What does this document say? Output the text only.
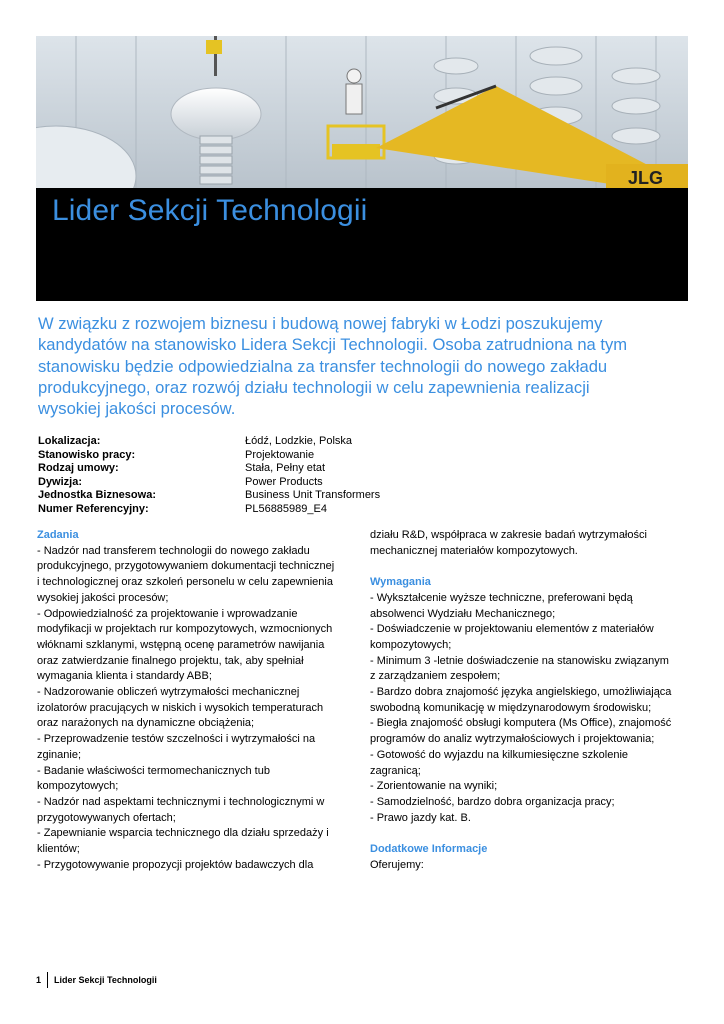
JLG
Lider Sekcji Technologii
W związku z rozwojem biznesu i budową nowej fabryki w Łodzi poszukujemy
kandydatów na stanowisko Lidera Sekcji Technologii. Osoba zatrudniona na tym
stanowisku będzie odpowiedzialna za transfer technologii do nowego zakładu
produkcyjnego, oraz rozwój działu technologii w celu zapewnienia realizacji
wysokiej jakości procesów.
Lokalizacja:	Łódź, Lodzkie, Polska
Stanowisko pracy:	Projektowanie
Rodzaj umowy:	Stała, Pełny etat
Dywizja:	Power Products
Jednostka Biznesowa:	Business Unit Transformers
Numer Referencyjny:	PL56885989_E4
Zadania
- Nadzór nad transferem technologii do nowego zakładu
produkcyjnego, przygotowywaniem dokumentacji technicznej
i technologicznej oraz szkoleń personelu w celu zapewnienia
wysokiej jakości procesów;
- Odpowiedzialność za projektowanie i wprowadzanie
modyfikacji w projektach rur kompozytowych, wzmocnionych
włóknami szklanymi, wstępną ocenę parametrów nawijania
oraz zatwierdzanie finalnego projektu, tak, aby spełniał
wymagania klienta i standardy ABB;
- Nadzorowanie obliczeń wytrzymałości mechanicznej
izolatorów pracujących w niskich i wysokich temperaturach
oraz narażonych na dynamiczne obciążenia;
- Przeprowadzenie testów szczelności i wytrzymałości na
zginanie;
- Badanie właściwości termomechanicznych tub
kompozytowych;
- Nadzór nad aspektami technicznymi i technologicznymi w
przygotowywanych ofertach;
- Zapewnianie wsparcia technicznego dla działu sprzedaży i
klientów;
- Przygotowywanie propozycji projektów badawczych dla
działu R&D, współpraca w zakresie badań wytrzymałości
mechanicznej materiałów kompozytowych.
Wymagania
- Wykształcenie wyższe techniczne, preferowani będą
absolwenci Wydziału Mechanicznego;
- Doświadczenie w projektowaniu elementów z materiałów
kompozytowych;
- Minimum 3 -letnie doświadczenie na stanowisku związanym
z zarządzaniem zespołem;
- Bardzo dobra znajomość języka angielskiego, umożliwiająca
swobodną komunikację w międzynarodowym środowisku;
- Biegła znajomość obsługi komputera (Ms Office), znajomość
programów do analiz wytrzymałościowych i projektowania;
- Gotowość do wyjazdu na kilkumiesięczne szkolenie
zagranicą;
- Zorientowanie na wyniki;
- Samodzielność, bardzo dobra organizacja pracy;
- Prawo jazdy kat. B.
Dodatkowe Informacje
Oferujemy:
1	Lider Sekcji Technologii
